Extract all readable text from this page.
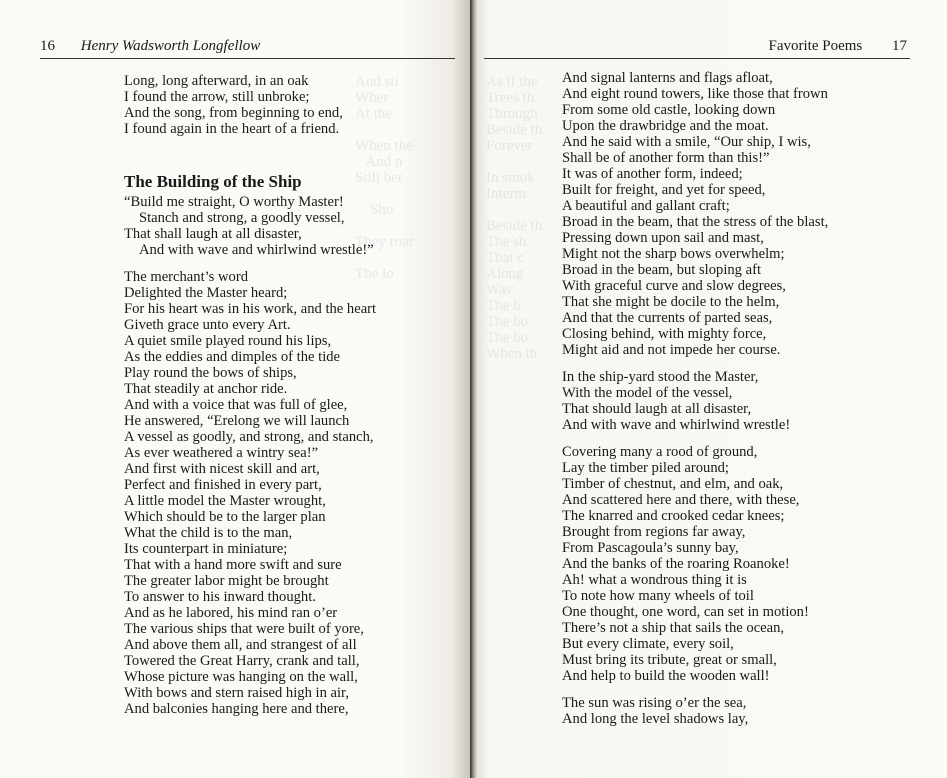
And sti
Wher
At the

When the
And n
Still ber

Sho

They roar

The lo

16 Henry Wadsworth Longfellow
Long, long afterward, in an oak
I found the arrow, still unbroke;
And the song, from beginning to end,
I found again in the heart of a friend.
The Building of the Ship
“Build me straight, O worthy Master!
Stanch and strong, a goodly vessel,
That shall laugh at all disaster,
And with wave and whirlwind wrestle!”
The merchant’s word
Delighted the Master heard;
For his heart was in his work, and the heart
Giveth grace unto every Art.
A quiet smile played round his lips,
As the eddies and dimples of the tide
Play round the bows of ships,
That steadily at anchor ride.
And with a voice that was full of glee,
He answered, “Erelong we will launch
A vessel as goodly, and strong, and stanch,
As ever weathered a wintry sea!”
And first with nicest skill and art,
Perfect and finished in every part,
A little model the Master wrought,
Which should be to the larger plan
What the child is to the man,
Its counterpart in miniature;
That with a hand more swift and sure
The greater labor might be brought
To answer to his inward thought.
And as he labored, his mind ran o’er
The various ships that were built of yore,
And above them all, and strangest of all
Towered the Great Harry, crank and tall,
Whose picture was hanging on the wall,
With bows and stern raised high in air,
And balconies hanging here and there,
As if the
Trees th
Through
Beside th
Forever

In smok
Interm

Beside th
The sh
That c
Along
Was
The b
The bo
The bo
When th
Favorite Poems 17
And signal lanterns and flags afloat,
And eight round towers, like those that frown
From some old castle, looking down
Upon the drawbridge and the moat.
And he said with a smile, “Our ship, I wis,
Shall be of another form than this!”
It was of another form, indeed;
Built for freight, and yet for speed,
A beautiful and gallant craft;
Broad in the beam, that the stress of the blast,
Pressing down upon sail and mast,
Might not the sharp bows overwhelm;
Broad in the beam, but sloping aft
With graceful curve and slow degrees,
That she might be docile to the helm,
And that the currents of parted seas,
Closing behind, with mighty force,
Might aid and not impede her course.
In the ship-yard stood the Master,
With the model of the vessel,
That should laugh at all disaster,
And with wave and whirlwind wrestle!
Covering many a rood of ground,
Lay the timber piled around;
Timber of chestnut, and elm, and oak,
And scattered here and there, with these,
The knarred and crooked cedar knees;
Brought from regions far away,
From Pascagoula’s sunny bay,
And the banks of the roaring Roanoke!
Ah! what a wondrous thing it is
To note how many wheels of toil
One thought, one word, can set in motion!
There’s not a ship that sails the ocean,
But every climate, every soil,
Must bring its tribute, great or small,
And help to build the wooden wall!
The sun was rising o’er the sea,
And long the level shadows lay,
